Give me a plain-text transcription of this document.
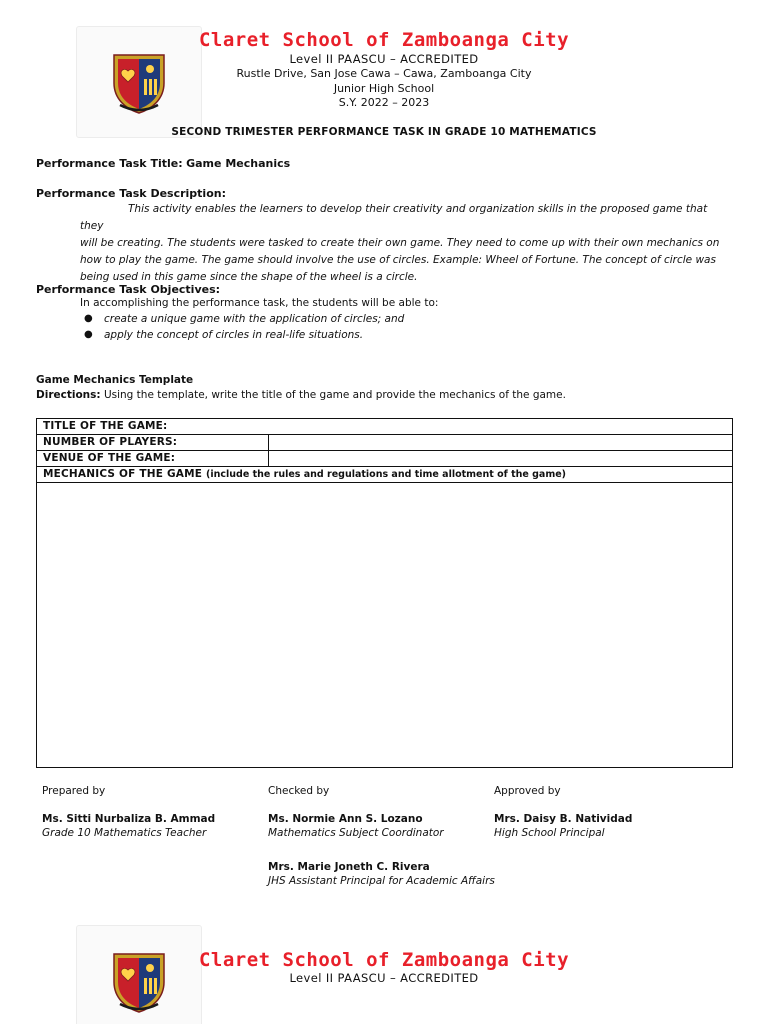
Claret School of Zamboanga City
Level II PAASCU – ACCREDITED
Rustle Drive, San Jose Cawa – Cawa, Zamboanga City
Junior High School
S.Y. 2022 – 2023
SECOND TRIMESTER PERFORMANCE TASK IN GRADE 10 MATHEMATICS
Performance Task Title: Game Mechanics
Performance Task Description:
This activity enables the learners to develop their creativity and organization skills in the proposed game that they
will be creating. The students were tasked to create their own game. They need to come up with their own mechanics on
how to play the game. The game should involve the use of circles. Example: Wheel of Fortune. The concept of circle was
being used in this game since the shape of the wheel is a circle.
Performance Task Objectives:
In accomplishing the performance task, the students will be able to:
● create a unique game with the application of circles; and
● apply the concept of circles in real-life situations.
Game Mechanics Template
Directions: Using the template, write the title of the game and provide the mechanics of the game.
TITLE OF THE GAME:
NUMBER OF PLAYERS:
VENUE OF THE GAME:
MECHANICS OF THE GAME (include the rules and regulations and time allotment of the game)
Prepared by
Ms. Sitti Nurbaliza B. Ammad
Grade 10 Mathematics Teacher
Checked by
Ms. Normie Ann S. Lozano
Mathematics Subject Coordinator
Approved by
Mrs. Daisy B. Natividad
High School Principal
Mrs. Marie Joneth C. Rivera
JHS Assistant Principal for Academic Affairs
Claret School of Zamboanga City
Level II PAASCU – ACCREDITED
